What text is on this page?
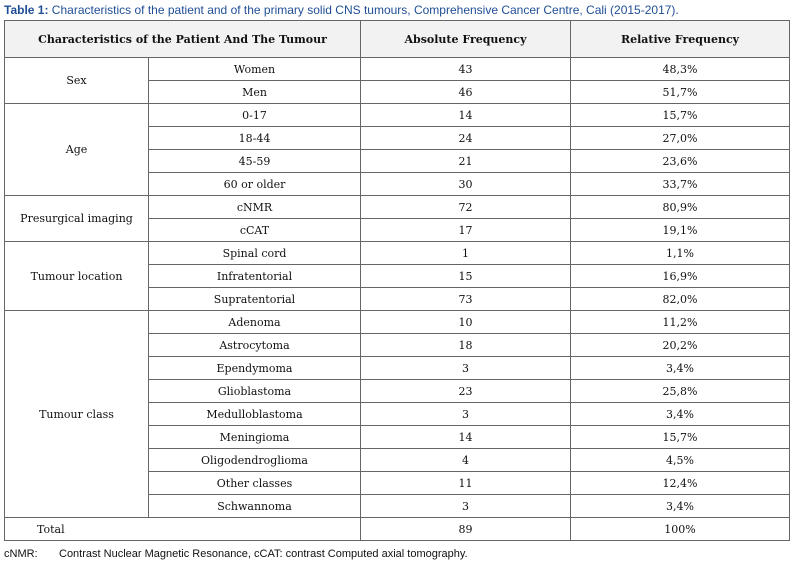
Table 1: Characteristics of the patient and of the primary solid CNS tumours, Comprehensive Cancer Centre, Cali (2015-2017).
Characteristics of the Patient And The Tumour		Absolute Frequency	Relative Frequency
Sex	Women	43	48,3%
	Men	46	51,7%
Age	0-17	14	15,7%
	18-44	24	27,0%
	45-59	21	23,6%
	60 or older	30	33,7%
Presurgical imaging	cNMR	72	80,9%
	cCAT	17	19,1%
Tumour location	Spinal cord	1	1,1%
	Infratentorial	15	16,9%
	Supratentorial	73	82,0%
Tumour class	Adenoma	10	11,2%
	Astrocytoma	18	20,2%
	Ependymoma	3	3,4%
	Glioblastoma	23	25,8%
	Medulloblastoma	3	3,4%
	Meningioma	14	15,7%
	Oligodendroglioma	4	4,5%
	Other classes	11	12,4%
	Schwannoma	3	3,4%
Total		89	100%
cNMR: Contrast Nuclear Magnetic Resonance, cCAT: contrast Computed axial tomography.
